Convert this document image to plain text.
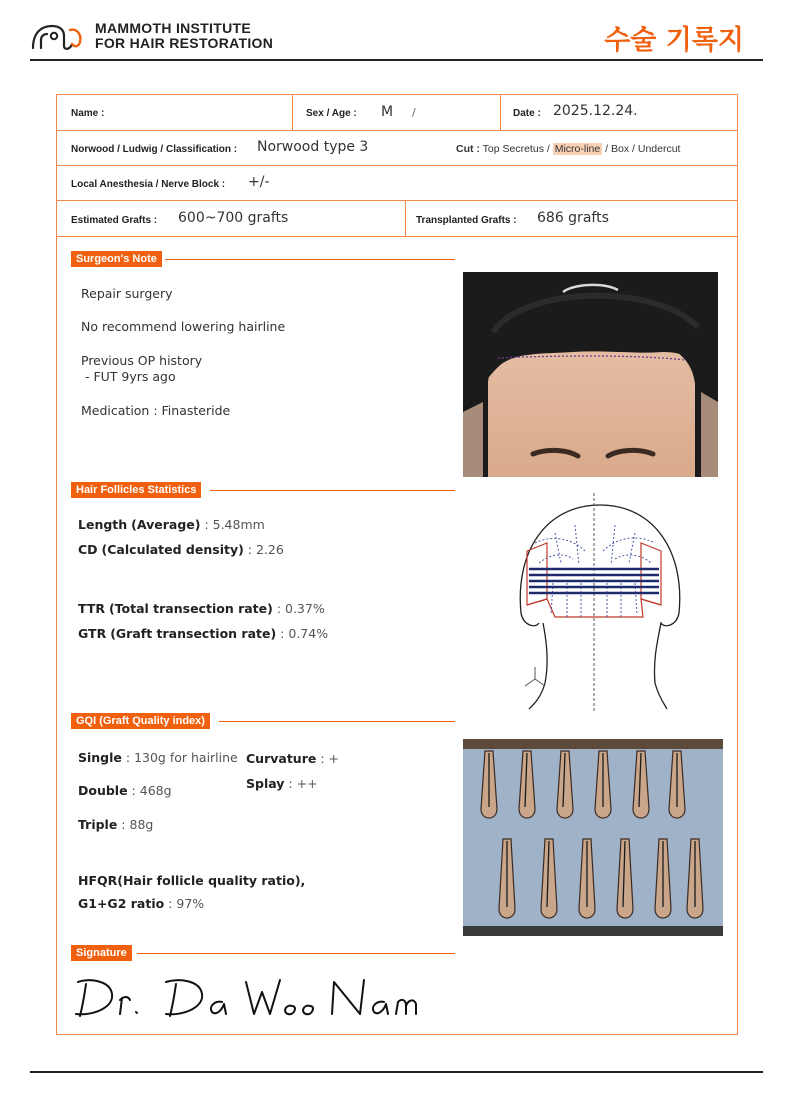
MAMMOTH INSTITUTE
FOR HAIR RESTORATION	수술 기록지
Name :	Sex / Age : M /	Date : 2025.12.24.
Norwood / Ludwig / Classification : Norwood type 3	Cut : Top Secretus / Micro-line / Box / Undercut
Local Anesthesia / Nerve Block : +/-
Estimated Grafts : 600~700 grafts	Transplanted Grafts : 686 grafts
Surgeon's Note
Repair surgery
No recommend lowering hairline
Previous OP history
- FUT 9yrs ago
Medication : Finasteride
Hair Follicles Statistics
Length (Average) : 5.48mm
CD (Calculated density) : 2.26
TTR (Total transection rate) : 0.37%
GTR (Graft transection rate) : 0.74%
GQI (Graft Quality index)
Single : 130g for hairline
Double : 468g
Triple : 88g
Curvature : +
Splay : ++
HFQR(Hair follicle quality ratio),
G1+G2 ratio : 97%
Signature
